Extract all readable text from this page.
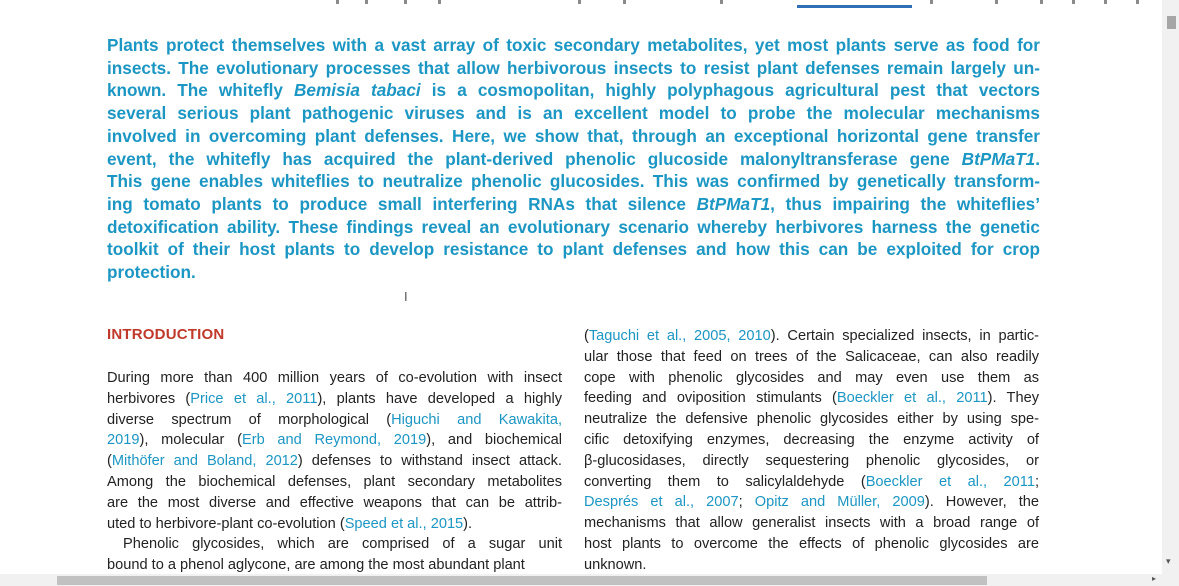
Plants protect themselves with a vast array of toxic secondary metabolites, yet most plants serve as food for
insects. The evolutionary processes that allow herbivorous insects to resist plant defenses remain largely un-
known. The whitefly Bemisia tabaci is a cosmopolitan, highly polyphagous agricultural pest that vectors
several serious plant pathogenic viruses and is an excellent model to probe the molecular mechanisms
involved in overcoming plant defenses. Here, we show that, through an exceptional horizontal gene transfer
event, the whitefly has acquired the plant-derived phenolic glucoside malonyltransferase gene BtPMaT1.
This gene enables whiteflies to neutralize phenolic glucosides. This was confirmed by genetically transform-
ing tomato plants to produce small interfering RNAs that silence BtPMaT1, thus impairing the whiteflies’
detoxification ability. These findings reveal an evolutionary scenario whereby herbivores harness the genetic
toolkit of their host plants to develop resistance to plant defenses and how this can be exploited for crop
protection.

I
INTRODUCTION
During more than 400 million years of co-evolution with insect
herbivores (Price et al., 2011), plants have developed a highly
diverse spectrum of morphological (Higuchi and Kawakita,
2019), molecular (Erb and Reymond, 2019), and biochemical
(Mithöfer and Boland, 2012) defenses to withstand insect attack.
Among the biochemical defenses, plant secondary metabolites
are the most diverse and effective weapons that can be attrib-
uted to herbivore-plant co-evolution (Speed et al., 2015).
Phenolic glycosides, which are comprised of a sugar unit
bound to a phenol aglycone, are among the most abundant plant
(Taguchi et al., 2005, 2010). Certain specialized insects, in partic-
ular those that feed on trees of the Salicaceae, can also readily
cope with phenolic glycosides and may even use them as
feeding and oviposition stimulants (Boeckler et al., 2011). They
neutralize the defensive phenolic glycosides either by using spe-
cific detoxifying enzymes, decreasing the enzyme activity of
β-glucosidases, directly sequestering phenolic glycosides, or
converting them to salicylaldehyde (Boeckler et al., 2011;
Després et al., 2007; Opitz and Müller, 2009). However, the
mechanisms that allow generalist insects with a broad range of
host plants to overcome the effects of phenolic glycosides are
unknown.	▾
▸
